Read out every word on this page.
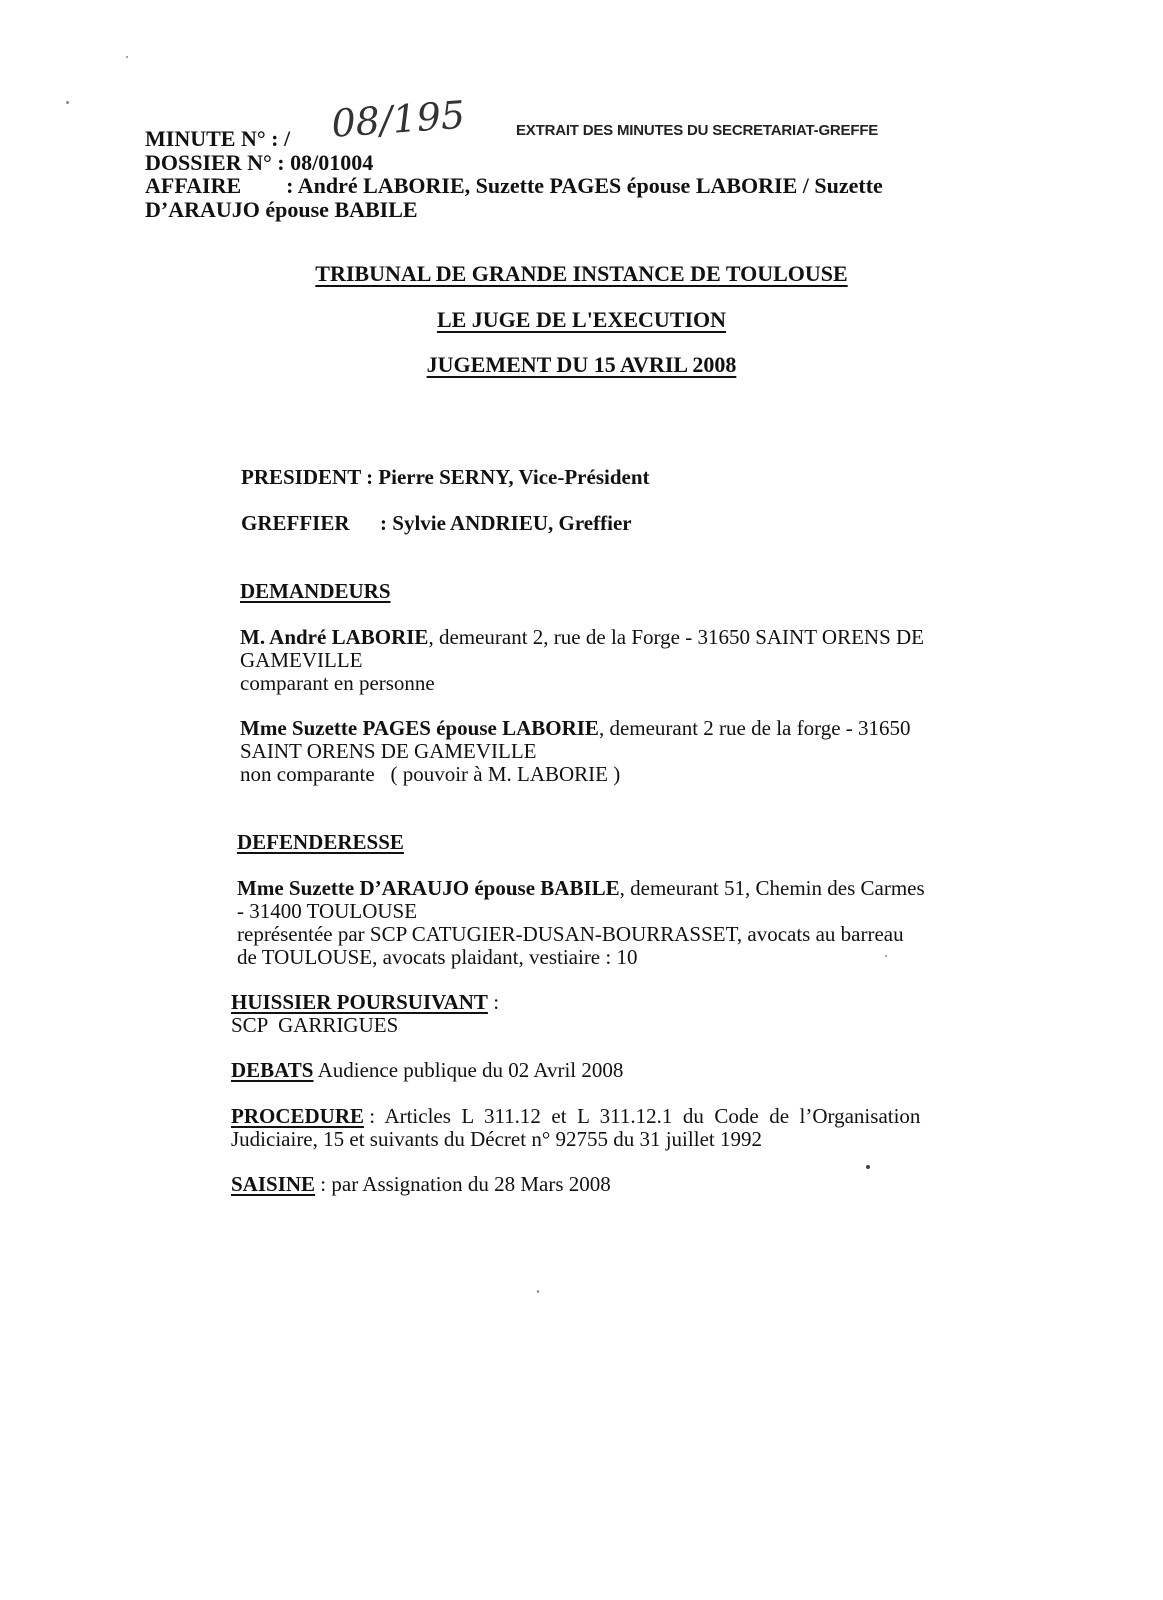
MINUTE N° : / 08/195	EXTRAIT DES MINUTES DU SECRETARIAT-GREFFE
DOSSIER N° : 08/01004
AFFAIRE : André LABORIE, Suzette PAGES épouse LABORIE / Suzette
D’ARAUJO épouse BABILE
TRIBUNAL DE GRANDE INSTANCE DE TOULOUSE
LE JUGE DE L'EXECUTION
JUGEMENT DU 15 AVRIL 2008
PRESIDENT : Pierre SERNY, Vice-Président
GREFFIER : Sylvie ANDRIEU, Greffier
DEMANDEURS
M. André LABORIE, demeurant 2, rue de la Forge - 31650 SAINT ORENS DE
GAMEVILLE
comparant en personne
Mme Suzette PAGES épouse LABORIE, demeurant 2 rue de la forge - 31650
SAINT ORENS DE GAMEVILLE
non comparante   ( pouvoir à M. LABORIE )
DEFENDERESSE
Mme Suzette D’ARAUJO épouse BABILE, demeurant 51, Chemin des Carmes
- 31400 TOULOUSE
représentée par SCP CATUGIER-DUSAN-BOURRASSET, avocats au barreau
de TOULOUSE, avocats plaidant, vestiaire : 10
HUISSIER POURSUIVANT :
SCP  GARRIGUES
DEBATS Audience publique du 02 Avril 2008
PROCEDURE :  Articles  L  311.12  et  L  311.12.1  du  Code  de  l’Organisation
Judiciaire, 15 et suivants du Décret n° 92755 du 31 juillet 1992
SAISINE : par Assignation du 28 Mars 2008
